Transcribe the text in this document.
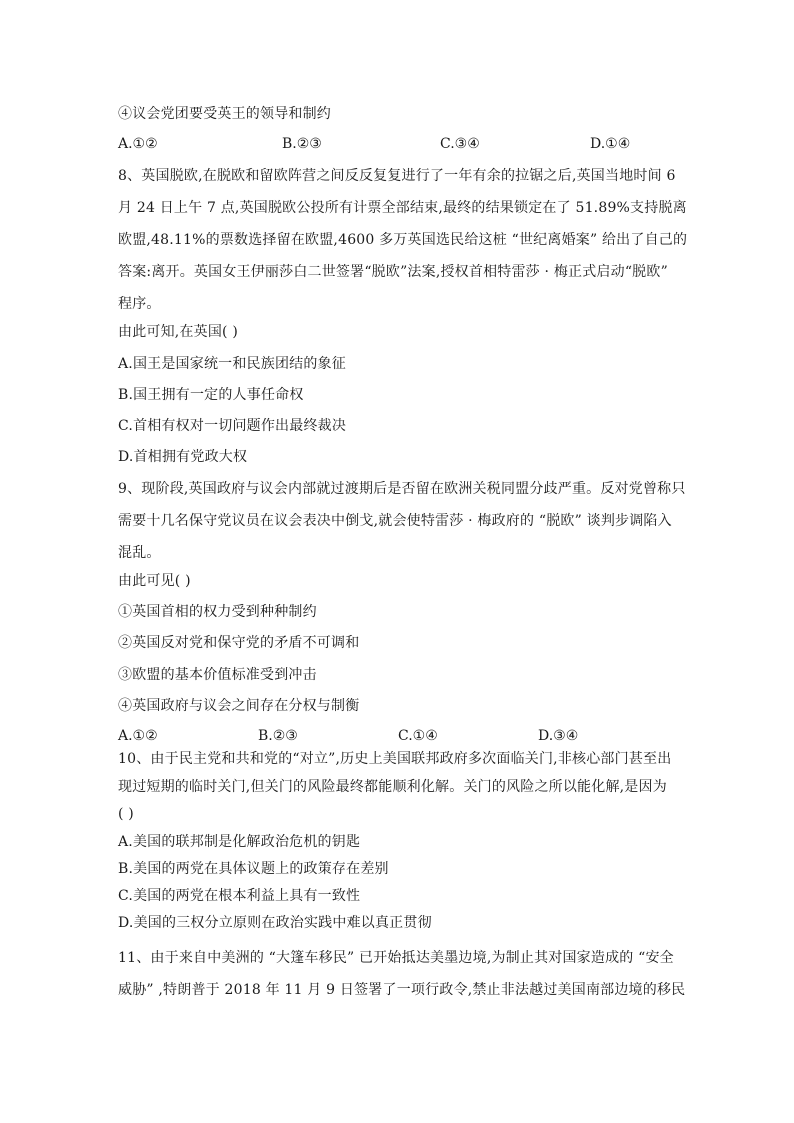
④议会党团要受英王的领导和制约
A.①②	B.②③	C.③④	D.①④
8、英国脱欧,在脱欧和留欧阵营之间反反复复进行了一年有余的拉锯之后,英国当地时间 6
月 24 日上午 7 点,英国脱欧公投所有计票全部结束,最终的结果锁定在了 51.89%支持脱离
欧盟,48.11%的票数选择留在欧盟,4600 多万英国选民给这桩 “世纪离婚案” 给出了自己的
答案:离开。英国女王伊丽莎白二世签署“脱欧”法案,授权首相特雷莎 · 梅正式启动“脱欧”
程序。
由此可知,在英国( )
A.国王是国家统一和民族团结的象征
B.国王拥有一定的人事任命权
C.首相有权对一切问题作出最终裁决
D.首相拥有党政大权
9、现阶段,英国政府与议会内部就过渡期后是否留在欧洲关税同盟分歧严重。反对党曾称只
需要十几名保守党议员在议会表决中倒戈,就会使特雷莎 · 梅政府的 “脱欧” 谈判步调陷入
混乱。
由此可见( )
①英国首相的权力受到种种制约
②英国反对党和保守党的矛盾不可调和
③欧盟的基本价值标准受到冲击
④英国政府与议会之间存在分权与制衡
A.①②	B.②③	C.①④	D.③④
10、由于民主党和共和党的“对立”,历史上美国联邦政府多次面临关门,非核心部门甚至出
现过短期的临时关门,但关门的风险最终都能顺利化解。关门的风险之所以能化解,是因为
( )
A.美国的联邦制是化解政治危机的钥匙
B.美国的两党在具体议题上的政策存在差别
C.美国的两党在根本利益上具有一致性
D.美国的三权分立原则在政治实践中难以真正贯彻
11、由于来自中美洲的 “大篷车移民” 已开始抵达美墨边境,为制止其对国家造成的 “安全
威胁” ,特朗普于 2018 年 11 月 9 日签署了一项行政令,禁止非法越过美国南部边境的移民
